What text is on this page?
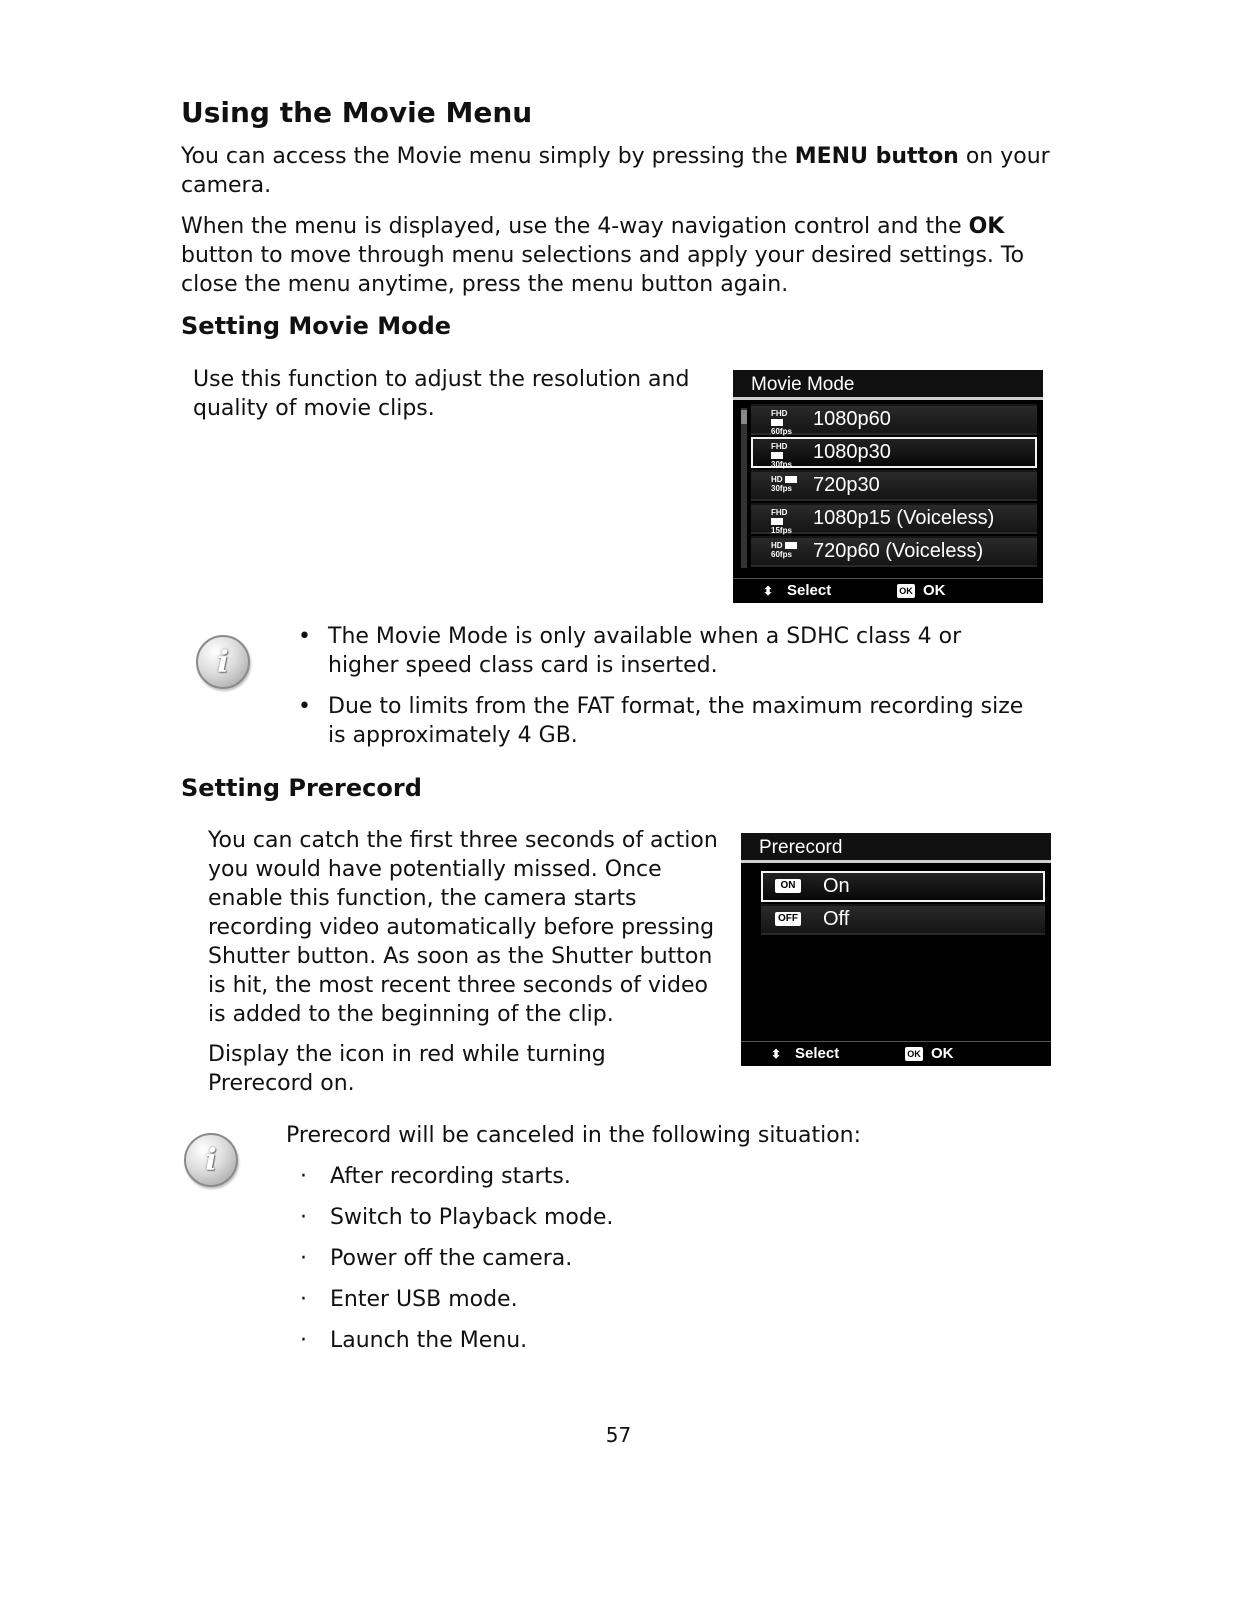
Using the Movie Menu

You can access the Movie menu simply by pressing the MENU button on your camera.

When the menu is displayed, use the 4-way navigation control and the OK button to move through menu selections and apply your desired settings. To close the menu anytime, press the menu button again.

Setting Movie Mode

Use this function to adjust the resolution and quality of movie clips.

Movie Mode
FHD
60fps
1080p60
FHD
30fps
1080p30
HD
30fps	720p30
FHD
15fps
1080p15 (Voiceless)
HD
60fps	720p60 (Voiceless)
⬍ Select	OK OK
i
• The Movie Mode is only available when a SDHC class 4 or higher speed class card is inserted.
• Due to limits from the FAT format, the maximum recording size is approximately 4 GB.
Setting Prerecord

You can catch the first three seconds of action you would have potentially missed. Once enable this function, the camera starts recording video automatically before pressing Shutter button. As soon as the Shutter button is hit, the most recent three seconds of video is added to the beginning of the clip.

Display the icon in red while turning Prerecord on.

Prerecord
ON On
OFF Off
⬍ Select	OK OK
i

Prerecord will be canceled in the following situation:

· After recording starts.
· Switch to Playback mode.
· Power off the camera.
· Enter USB mode.
· Launch the Menu.
57
